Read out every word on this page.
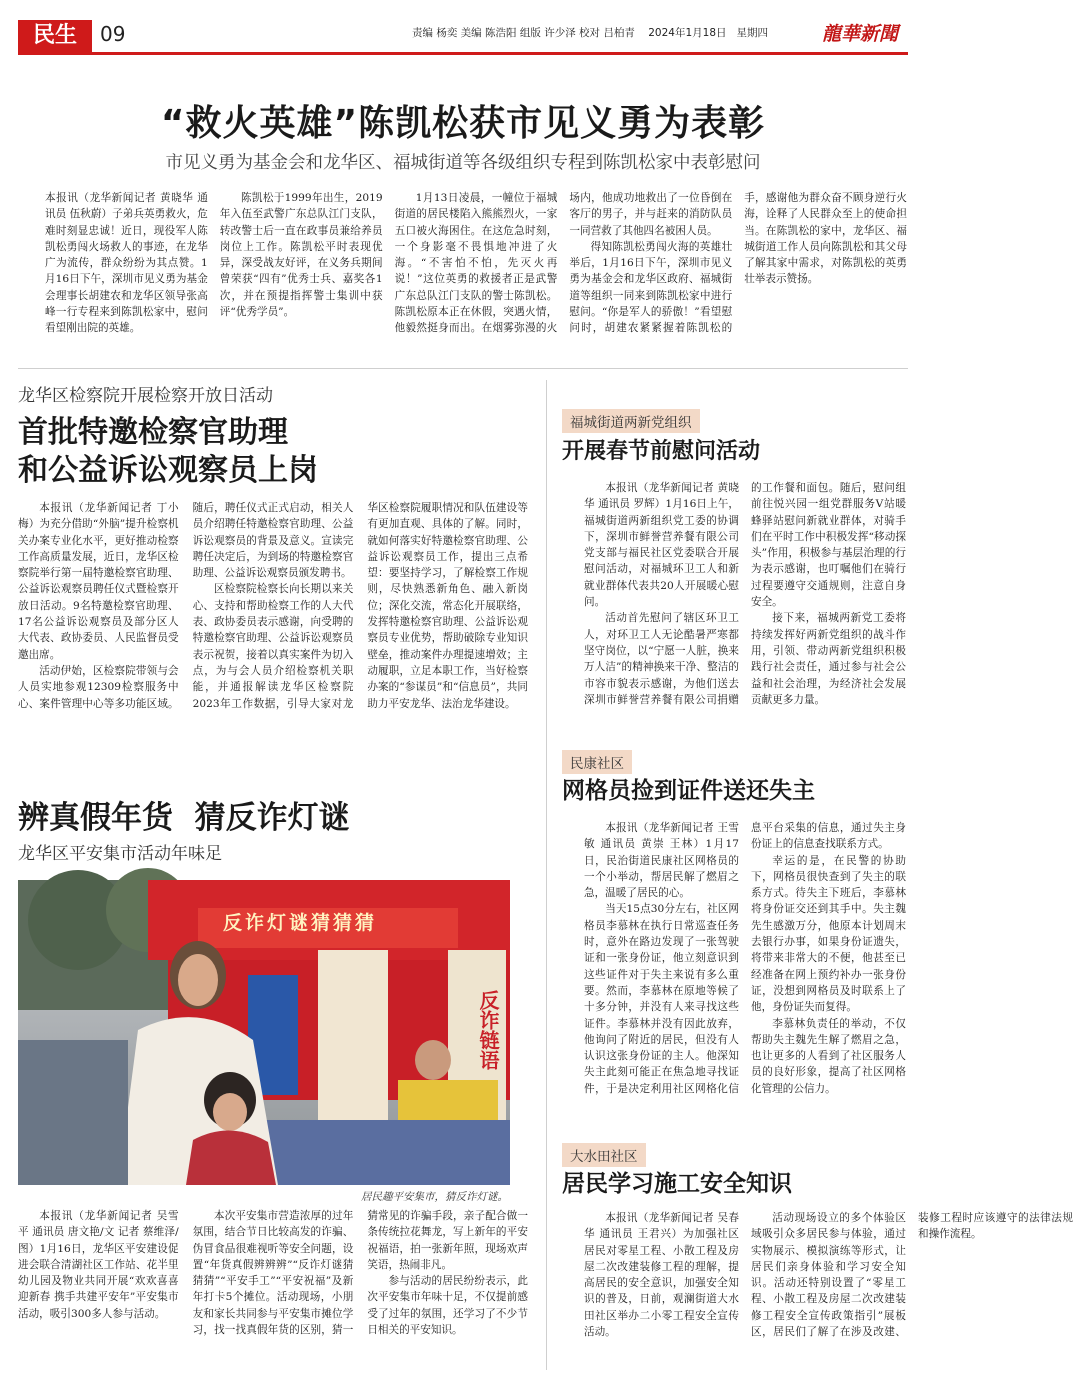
民生	09	责编 杨奕 美编 陈浩阳 组版 许少泽 校对 吕柏青 2024年1月18日 星期四	龍華新聞
“救火英雄”陈凯松获市见义勇为表彰
市见义勇为基金会和龙华区、福城街道等各级组织专程到陈凯松家中表彰慰问

本报讯（龙华新闻记者 黄晓华 通讯员 伍秋蔚）子弟兵英勇救火，危难时刻显忠诚！近日，现役军人陈凯松勇闯火场救人的事迹，在龙华广为流传，群众纷纷为其点赞。1月16日下午，深圳市见义勇为基金会理事长胡建农和龙华区领导张高峰一行专程来到陈凯松家中，慰问看望刚出院的英雄。

陈凯松于1999年出生，2019年入伍至武警广东总队江门支队，转改警士后一直在政事员兼给养员岗位上工作。陈凯松平时表现优异，深受战友好评，在义务兵期间曾荣获“四有”优秀士兵、嘉奖各1次，并在预提指挥警士集训中获评“优秀学员”。

1月13日凌晨，一幢位于福城街道的居民楼陷入熊熊烈火，一家五口被火海困住。在这危急时刻，一个身影毫不畏惧地冲进了火海。“不害怕不怕，先灭火再说！”这位英勇的救援者正是武警广东总队江门支队的警士陈凯松。陈凯松原本正在休假，突遇火情，他毅然挺身而出。在烟雾弥漫的火场内，他成功地救出了一位昏倒在客厅的男子，并与赶来的消防队员一同营救了其他四名被困人员。

得知陈凯松勇闯火海的英雄壮举后，1月16日下午，深圳市见义勇为基金会和龙华区政府、福城街道等组织一同来到陈凯松家中进行慰问。“你是军人的骄傲！”看望慰问时，胡建农紧紧握着陈凯松的手，感谢他为群众奋不顾身逆行火海，诠释了人民群众至上的使命担当。在陈凯松的家中，龙华区、福城街道工作人员向陈凯松和其父母了解其家中需求，对陈凯松的英勇壮举表示赞扬。

龙华区检察院开展检察开放日活动
首批特邀检察官助理
和公益诉讼观察员上岗

本报讯（龙华新闻记者 丁小梅）为充分借助“外脑”提升检察机关办案专业化水平，更好推动检察工作高质量发展，近日，龙华区检察院举行第一届特邀检察官助理、公益诉讼观察员聘任仪式暨检察开放日活动。9名特邀检察官助理、17名公益诉讼观察员及部分区人大代表、政协委员、人民监督员受邀出席。

活动伊始，区检察院带领与会人员实地参观12309检察服务中心、案件管理中心等多功能区域。随后，聘任仪式正式启动，相关人员介绍聘任特邀检察官助理、公益诉讼观察员的背景及意义。宣读完聘任决定后，为到场的特邀检察官助理、公益诉讼观察员颁发聘书。

区检察院检察长向长期以来关心、支持和帮助检察工作的人大代表、政协委员表示感谢，向受聘的特邀检察官助理、公益诉讼观察员表示祝贺，接着以真实案件为切入点，为与会人员介绍检察机关职能，并通报解读龙华区检察院2023年工作数据，引导大家对龙华区检察院履职情况和队伍建设等有更加直观、具体的了解。同时，就如何落实好特邀检察官助理、公益诉讼观察员工作，提出三点希望：要坚持学习，了解检察工作规则，尽快熟悉新角色、融入新岗位；深化交流，常态化开展联络，发挥特邀检察官助理、公益诉讼观察员专业优势，帮助破除专业知识壁垒，推动案件办理提速增效；主动履职，立足本职工作，当好检察办案的“参谋员”和“信息员”，共同助力平安龙华、法治龙华建设。

辨真假年货  猜反诈灯谜
龙华区平安集市活动年味足
反诈链语
反诈灯谜猜猜猜
居民趣平安集市，猜反诈灯谜。

本报讯（龙华新闻记者 吴雪平 通讯员 唐文艳/文 记者 蔡维泽/图）1月16日，龙华区平安建设促进会联合清湖社区工作站、花半里幼儿园及物业共同开展“欢欢喜喜迎新春 携手共建平安年”平安集市活动，吸引300多人参与活动。

本次平安集市营造浓厚的过年氛围，结合节日比较高发的诈骗、伪冒食品很难视听等安全问题，设置“年货真假辨辨辨”“反诈灯谜猜猜猜”“平安手工”“平安祝福”及新年打卡5个摊位。活动现场，小朋友和家长共同参与平安集市摊位学习，找一找真假年货的区别，猜一猜常见的诈骗手段，亲子配合做一条传统拉花舞龙，写上新年的平安祝福语，拍一张新年照，现场欢声笑语，热闹非凡。

参与活动的居民纷纷表示，此次平安集市年味十足，不仅提前感受了过年的氛围，还学习了不少节日相关的平安知识。

福城街道两新党组织
开展春节前慰问活动

本报讯（龙华新闻记者 黄晓华 通讯员 罗辉）1月16日上午，福城街道两新组织党工委的协调下，深圳市鲜誉营养餐有限公司党支部与福民社区党委联合开展慰问活动，对福城环卫工人和新就业群体代表共20人开展暖心慰问。

活动首先慰问了辖区环卫工人，对环卫工人无论酷暑严寒都坚守岗位，以“宁愿一人脏，换来万人洁”的精神换来干净、整洁的市容市貌表示感谢，为他们送去深圳市鲜誉营养餐有限公司捐赠的工作餐和面包。随后，慰问组前往悦兴园一组党群服务V站暖蜂驿站慰问新就业群体，对骑手们在平时工作中积极发挥“移动探头”作用，积极参与基层治理的行为表示感谢，也叮嘱他们在骑行过程要遵守交通规则，注意自身安全。

接下来，福城两新党工委将持续发挥好两新党组织的战斗作用，引领、带动两新党组织积极践行社会责任，通过参与社会公益和社会治理，为经济社会发展贡献更多力量。

民康社区
网格员捡到证件送还失主

本报讯（龙华新闻记者 王雪敏 通讯员 黄崇 王林）1月17日，民治街道民康社区网格员的一个小举动，帮居民解了燃眉之急，温暖了居民的心。

当天15点30分左右，社区网格员李慕林在执行日常巡查任务时，意外在路边发现了一张驾驶证和一张身份证，他立刻意识到这些证件对于失主来说有多么重要。然而，李慕林在原地等候了十多分钟，并没有人来寻找这些证件。李慕林并没有因此放弃，他询问了附近的居民，但没有人认识这张身份证的主人。他深知失主此刻可能正在焦急地寻找证件，于是决定利用社区网格化信息平台采集的信息，通过失主身份证上的信息查找联系方式。

幸运的是，在民警的协助下，网格员很快查到了失主的联系方式。待失主下班后，李慕林将身份证交还到其手中。失主魏先生感激万分，他原本计划周末去银行办事，如果身份证遗失，将带来非常大的不便，他甚至已经准备在网上预约补办一张身份证，没想到网格员及时联系上了他，身份证失而复得。

李慕林负责任的举动，不仅帮助失主魏先生解了燃眉之急，也让更多的人看到了社区服务人员的良好形象，提高了社区网格化管理的公信力。

大水田社区
居民学习施工安全知识

本报讯（龙华新闻记者 吴春华 通讯员 王君兴）为加强社区居民对零星工程、小散工程及房屋二次改建装修工程的理解，提高居民的安全意识，加强安全知识的普及，日前，观澜街道大水田社区举办二小零工程安全宣传活动。

活动现场设立的多个体验区域吸引众多居民参与体验，通过实物展示、模拟演练等形式，让居民们亲身体验和学习安全知识。活动还特别设置了“零星工程、小散工程及房屋二次改建装修工程安全宣传政策指引”展板区，居民们了解了在涉及改建、装修工程时应该遵守的法律法规和操作流程。
